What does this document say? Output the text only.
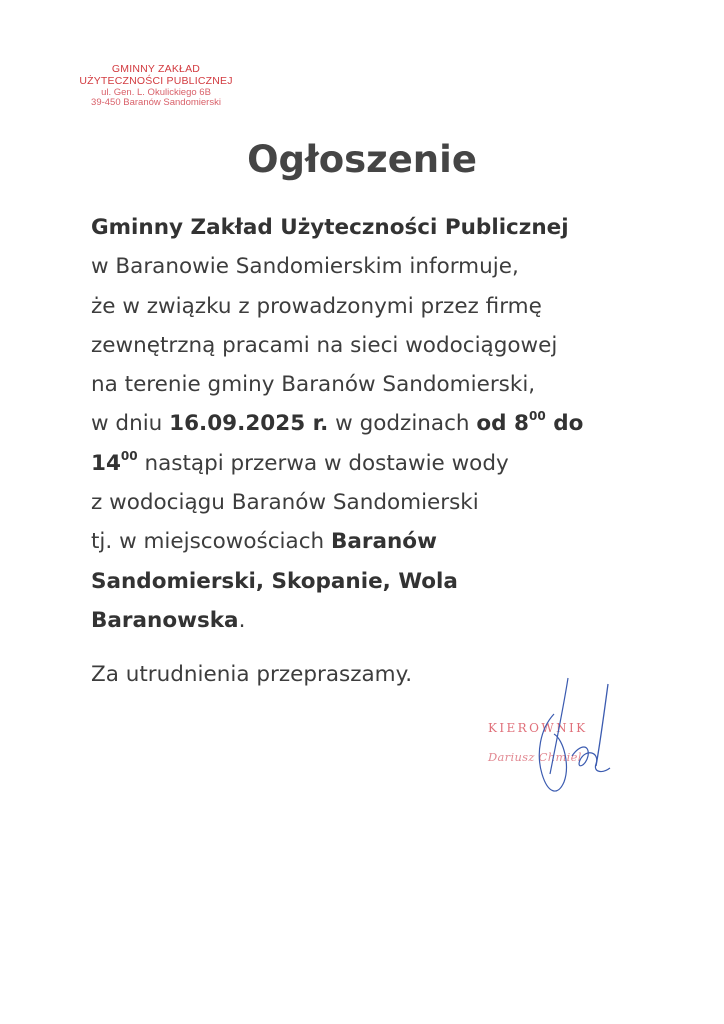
GMINNY ZAKŁAD
UŻYTECZNOŚCI PUBLICZNEJ
ul. Gen. L. Okulickiego 6B
39-450 Baranów Sandomierski
Ogłoszenie
Gminny Zakład Użyteczności Publicznej
w Baranowie Sandomierskim informuje,
że w związku z prowadzonymi przez firmę
zewnętrzną pracami na sieci wodociągowej
na terenie gminy Baranów Sandomierski,
w dniu 16.09.2025 r. w godzinach od $8^{00}$ do
$14^{00}$ nastąpi przerwa w dostawie wody
z wodociągu Baranów Sandomierski
tj. w miejscowościach Baranów
Sandomierski, Skopanie, Wola
Baranowska.
Za utrudnienia przepraszamy.
KIEROWNIK
Dariusz Chmiel
